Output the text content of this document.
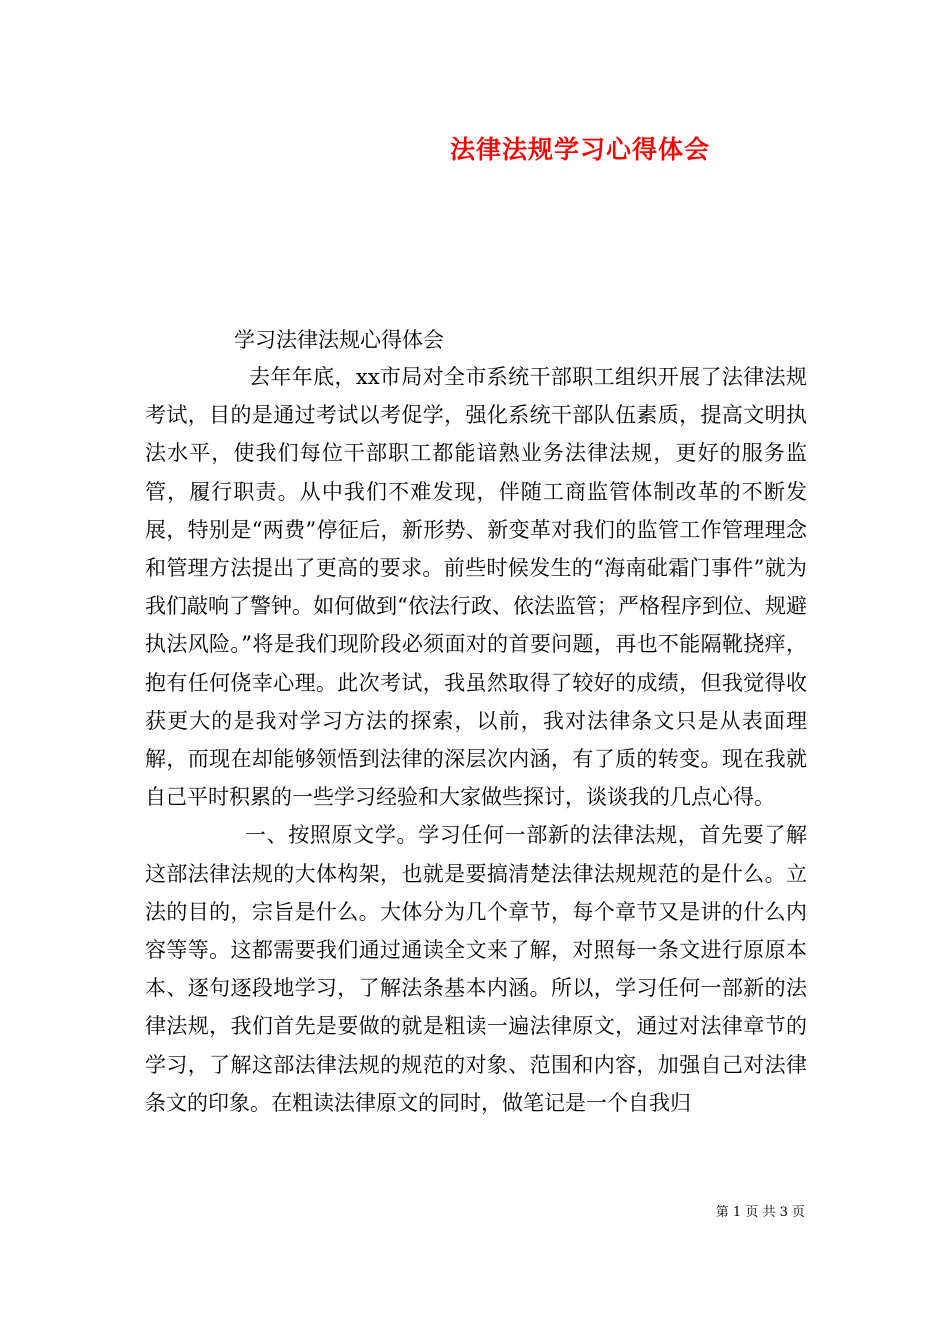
法律法规学习心得体会
学习法律法规心得体会

去年年底，xx市局对全市系统干部职工组织开展了法律法规考试，目的是通过考试以考促学，强化系统干部队伍素质，提高文明执法水平，使我们每位干部职工都能谙熟业务法律法规，更好的服务监管，履行职责。从中我们不难发现，伴随工商监管体制改革的不断发展，特别是“两费”停征后，新形势、新变革对我们的监管工作管理理念和管理方法提出了更高的要求。前些时候发生的“海南砒霜门事件”就为我们敲响了警钟。如何做到“依法行政、依法监管；严格程序到位、规避执法风险。”将是我们现阶段必须面对的首要问题，再也不能隔靴挠痒，抱有任何侥幸心理。此次考试，我虽然取得了较好的成绩，但我觉得收获更大的是我对学习方法的探索，以前，我对法律条文只是从表面理解，而现在却能够领悟到法律的深层次内涵，有了质的转变。现在我就自己平时积累的一些学习经验和大家做些探讨，谈谈我的几点心得。

一、按照原文学。学习任何一部新的法律法规，首先要了解这部法律法规的大体构架，也就是要搞清楚法律法规规范的是什么。立法的目的，宗旨是什么。大体分为几个章节，每个章节又是讲的什么内容等等。这都需要我们通过通读全文来了解，对照每一条文进行原原本本、逐句逐段地学习，了解法条基本内涵。所以，学习任何一部新的法律法规，我们首先是要做的就是粗读一遍法律原文，通过对法律章节的学习，了解这部法律法规的规范的对象、范围和内容，加强自己对法律条文的印象。在粗读法律原文的同时，做笔记是一个自我归

第 1 页 共 3 页
